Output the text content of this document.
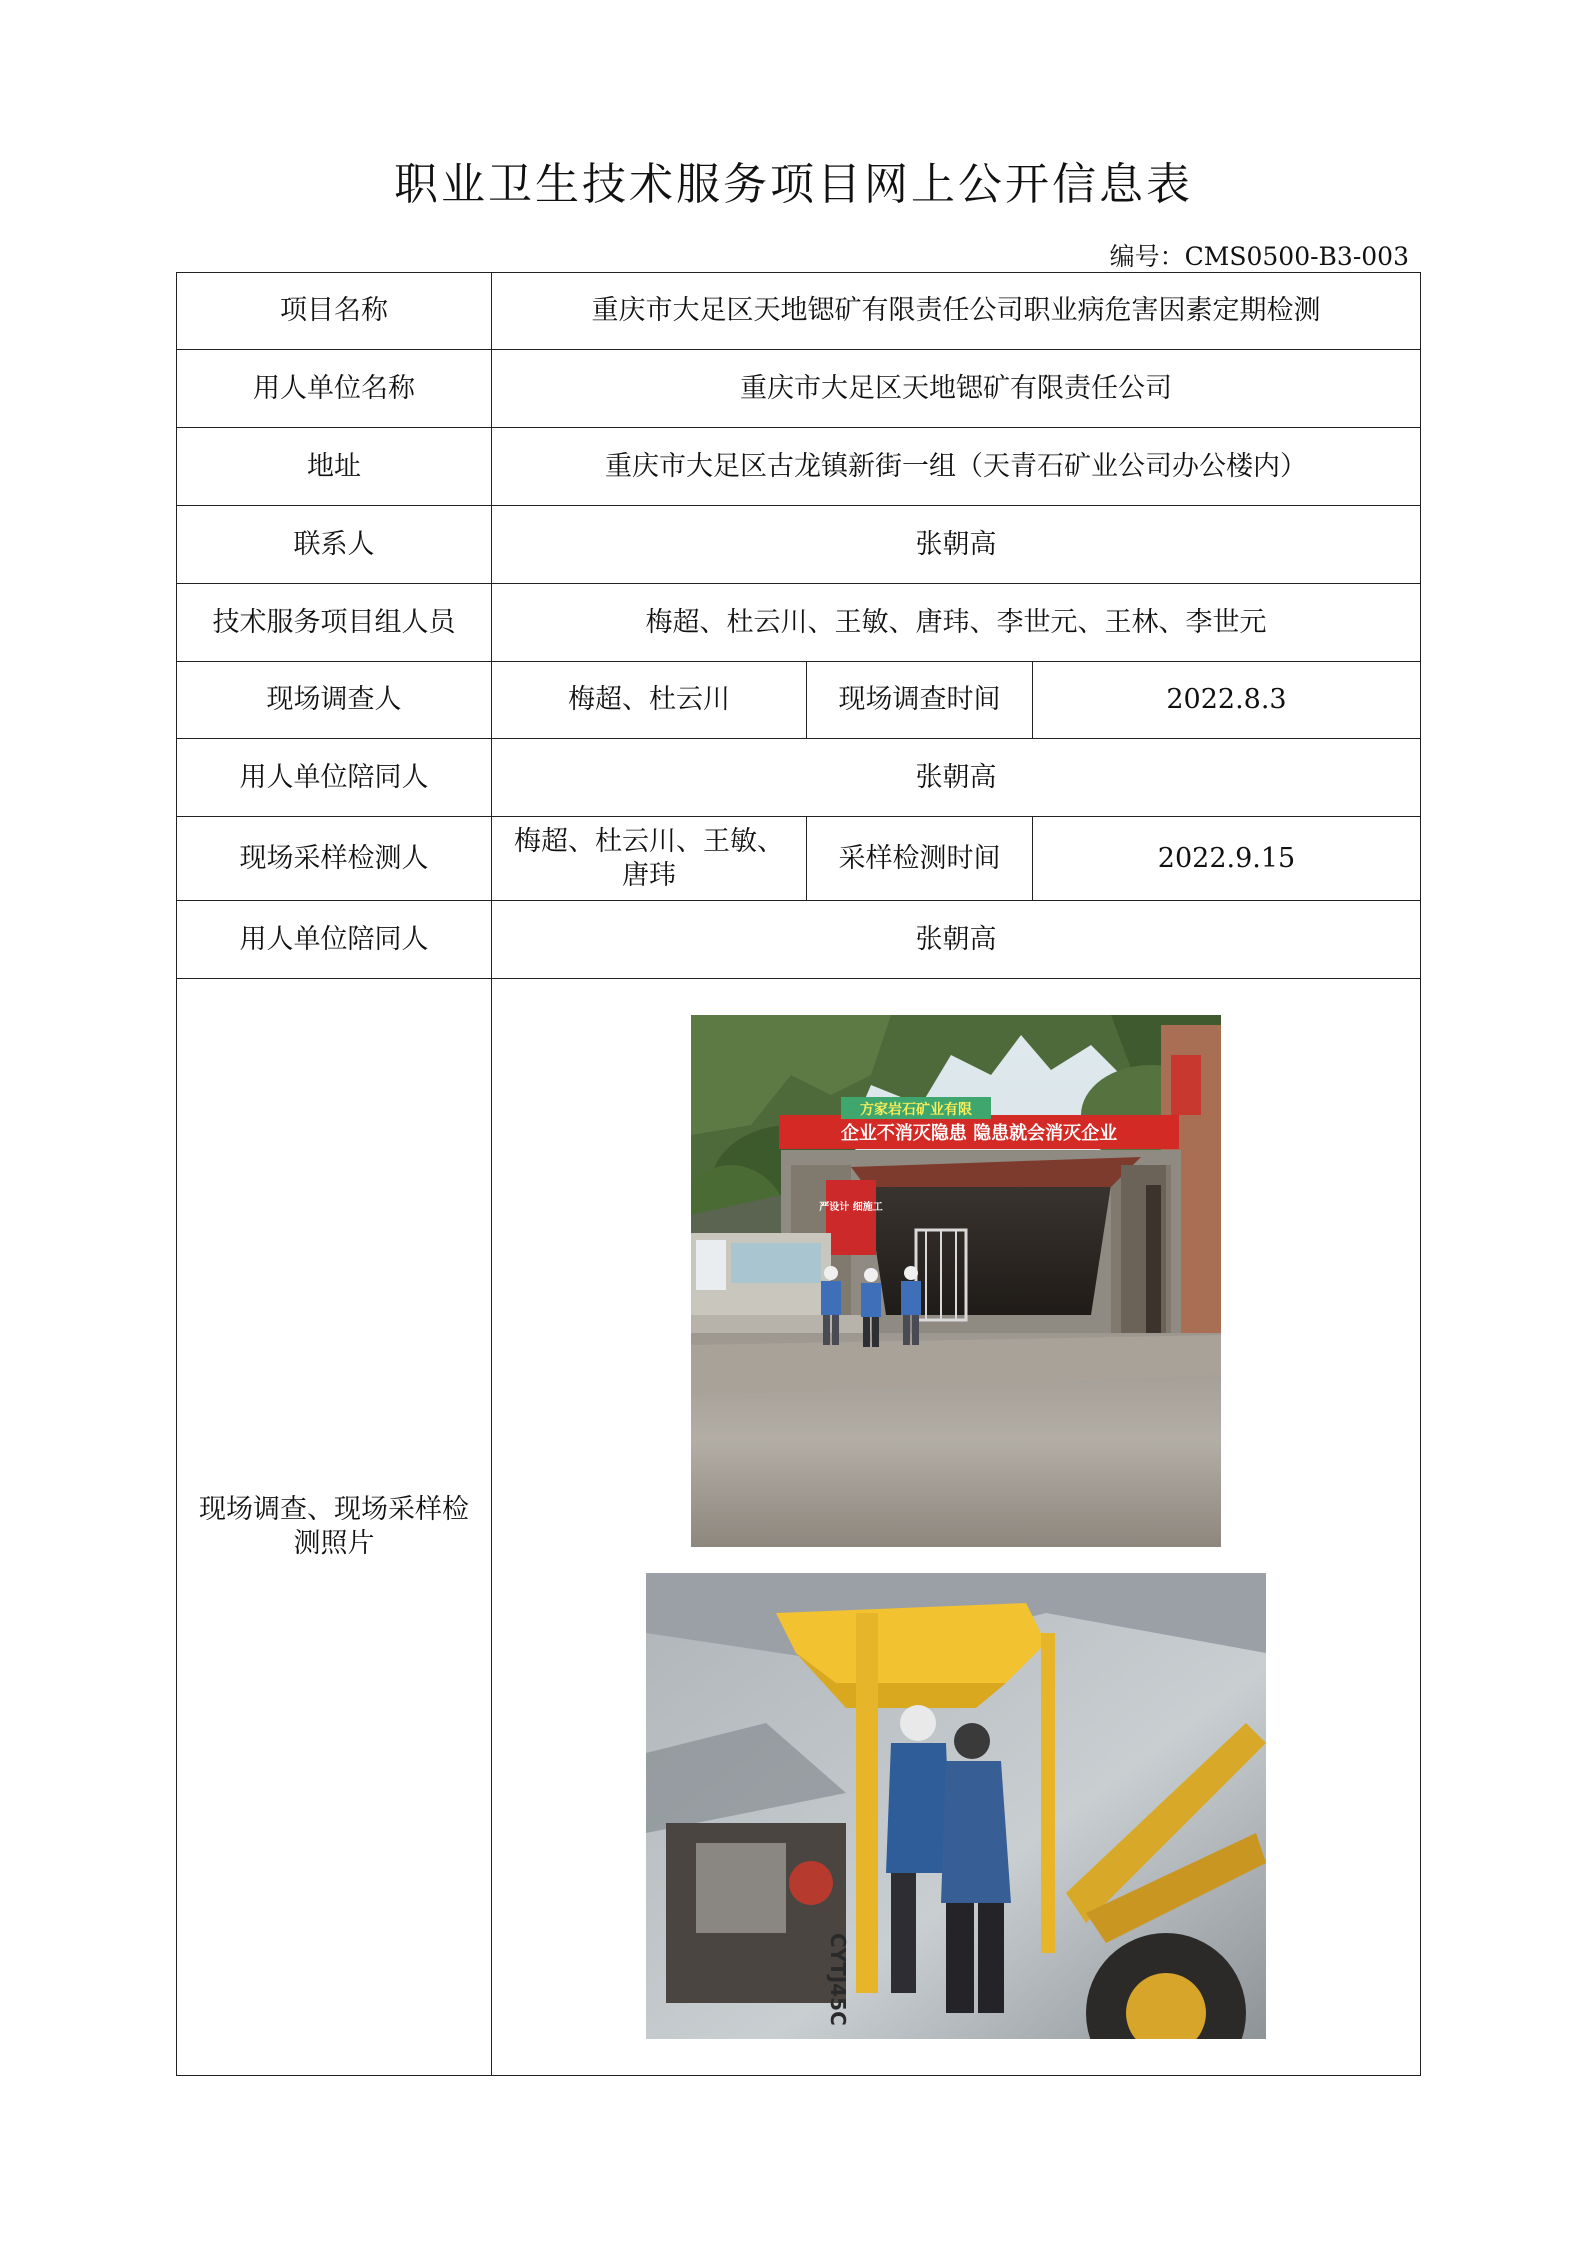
职业卫生技术服务项目网上公开信息表
编号：CMS0500-B3-003
项目名称	重庆市大足区天地锶矿有限责任公司职业病危害因素定期检测		
用人单位名称	重庆市大足区天地锶矿有限责任公司		
地址	重庆市大足区古龙镇新街一组（天青石矿业公司办公楼内）		
联系人	张朝高		
技术服务项目组人员	梅超、杜云川、王敏、唐玮、李世元、王林、李世元		
现场调查人	梅超、杜云川	现场调查时间	2022.8.3
用人单位陪同人	张朝高		
现场采样检测人	梅超、杜云川、王敏、唐玮	采样检测时间	2022.9.15
用人单位陪同人	张朝高		
现场调查、现场采样检测照片	企业不消灭隐患 隐患就会消灭企业
方家岩石矿业有限
严设计 细施工
CYTJ45C		
